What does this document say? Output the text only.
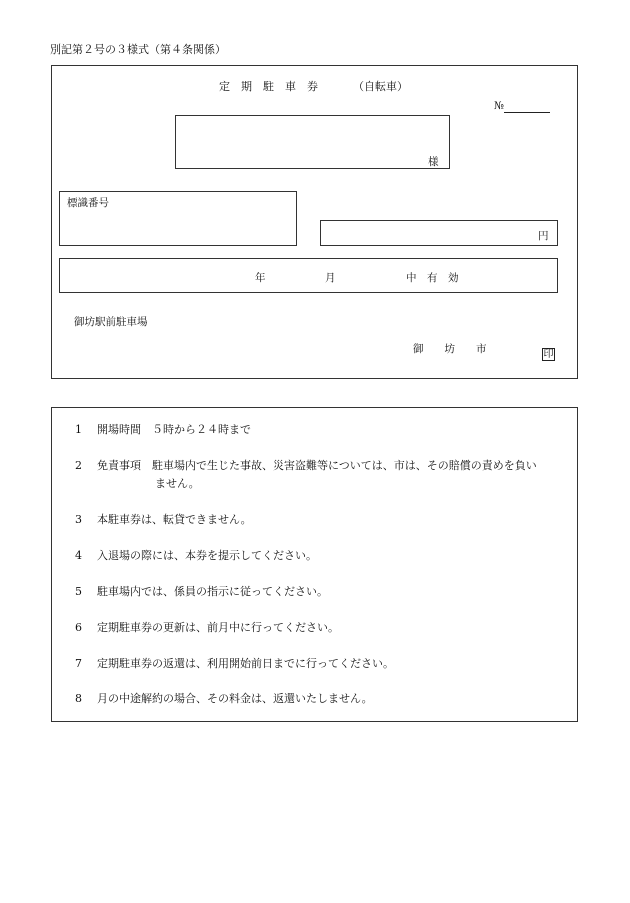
別記第２号の３様式（第４条関係）
定　期　駐　車　券	（自転車）
№
様
標識番号
円
年	月	中　有　効
御坊駅前駐車場
御　　坊　　市	印
1 開場時間　５時から２４時まで
2 免責事項　駐車場内で生じた事故、災害盗難等については、市は、その賠償の責めを負い
ません。
3 本駐車券は、転貸できません。
4 入退場の際には、本券を提示してください。
5 駐車場内では、係員の指示に従ってください。
6 定期駐車券の更新は、前月中に行ってください。
7 定期駐車券の返還は、利用開始前日までに行ってください。
8 月の中途解約の場合、その料金は、返還いたしません。
